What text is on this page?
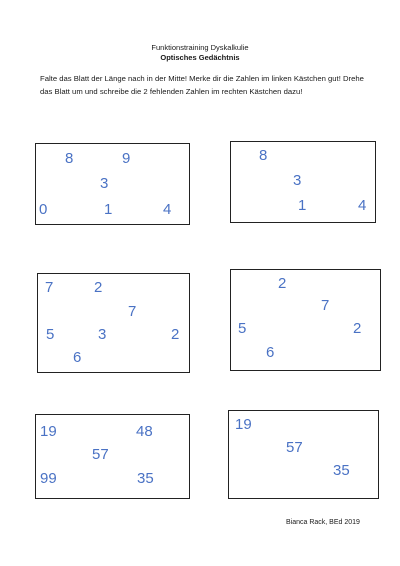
Funktionstraining Dyskalkulie
Optisches Gedächtnis
Falte das Blatt der Länge nach in der Mitte! Merke dir die Zahlen im linken Kästchen gut! Drehe das Blatt um und schreibe die 2 fehlenden Zahlen im rechten Kästchen dazu!
8	9
3
0	1	4
8
3
1	4
7	2
7
5	3	2
6
2
7
5	2
6
19	48
57
99	35
19
57
35
Bianca Rack, BEd 2019
